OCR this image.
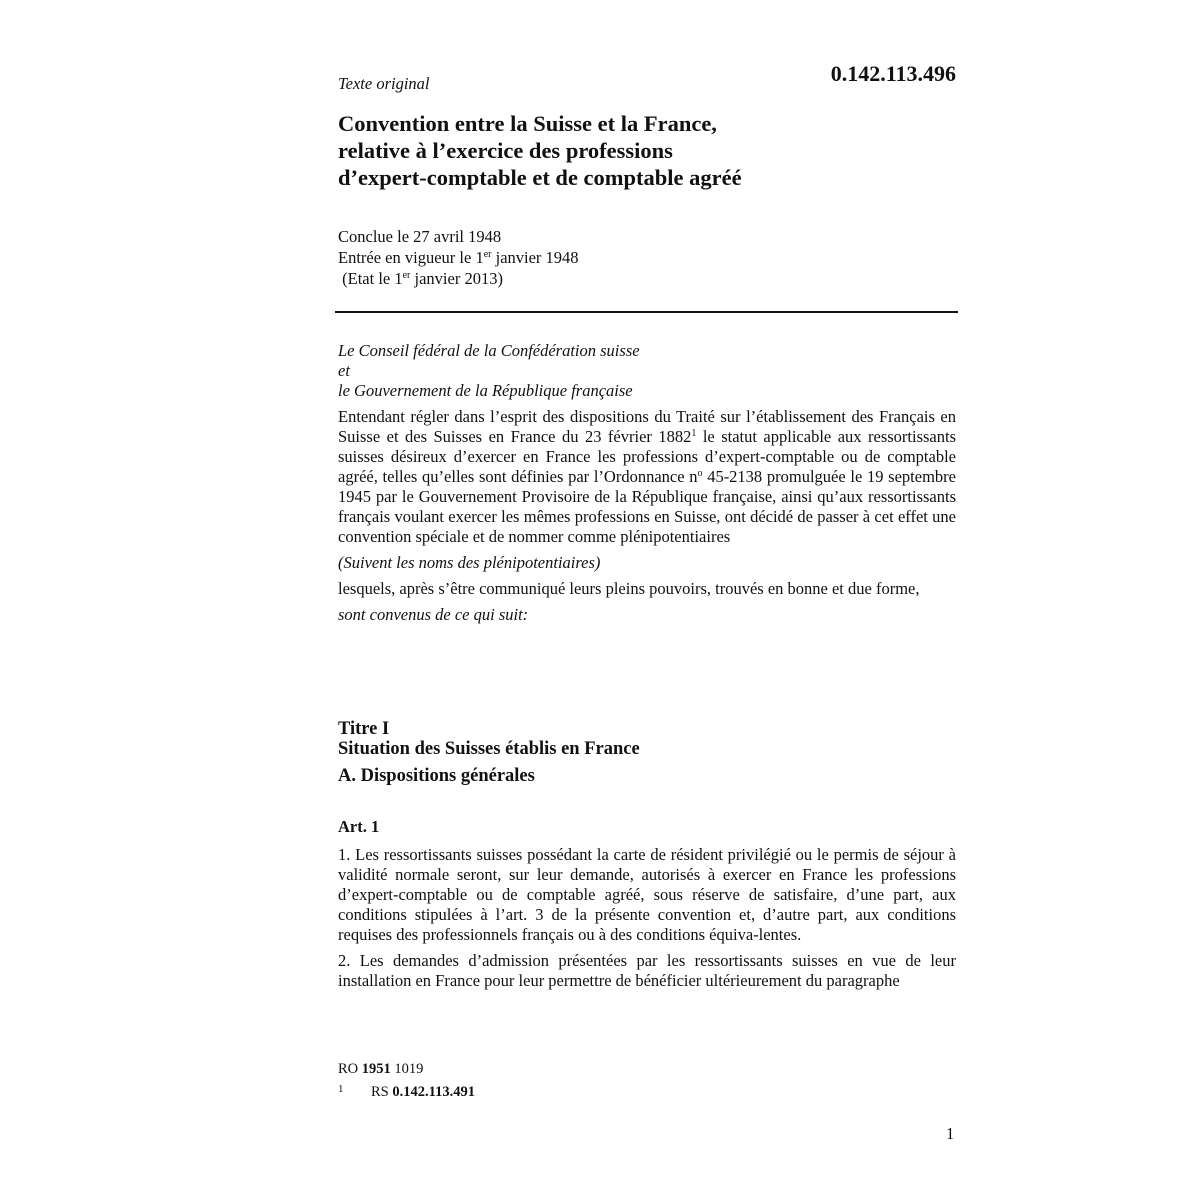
Texte original	0.142.113.496
Convention entre la Suisse et la France,
relative à l’exercice des professions
d’expert-comptable et de comptable agréé
Conclue le 27 avril 1948
Entrée en vigueur le 1er janvier 1948
(Etat le 1er janvier 2013)
Le Conseil fédéral de la Confédération suisse
et
le Gouvernement de la République française

Entendant régler dans l’esprit des dispositions du Traité sur l’établissement des Français en Suisse et des Suisses en France du 23 février 1882$^1$ le statut applicable aux ressortissants suisses désireux d’exercer en France les professions d’expert-comptable ou de comptable agréé, telles qu’elles sont définies par l’Ordonnance $n^o$ 45-2138 promulguée le 19 septembre 1945 par le Gouvernement Provisoire de la République française, ainsi qu’aux ressortissants français voulant exercer les mêmes professions en Suisse, ont décidé de passer à cet effet une convention spéciale et de nommer comme plénipotentiaires

(Suivent les noms des plénipotentiaires)

lesquels, après s’être communiqué leurs pleins pouvoirs, trouvés en bonne et due forme,

sont convenus de ce qui suit:

Titre I
Situation des Suisses établis en France
A. Dispositions générales
Art. 1

1. Les ressortissants suisses possédant la carte de résident privilégié ou le permis de séjour à validité normale seront, sur leur demande, autorisés à exercer en France les professions d’expert-comptable ou de comptable agréé, sous réserve de satisfaire, d’une part, aux conditions stipulées à l’art. 3 de la présente convention et, d’autre part, aux conditions requises des professionnels français ou à des conditions équiva-lentes.

2. Les demandes d’admission présentées par les ressortissants suisses en vue de leur installation en France pour leur permettre de bénéficier ultérieurement du paragraphe

RO 1951 1019
1 RS 0.142.113.491
1
